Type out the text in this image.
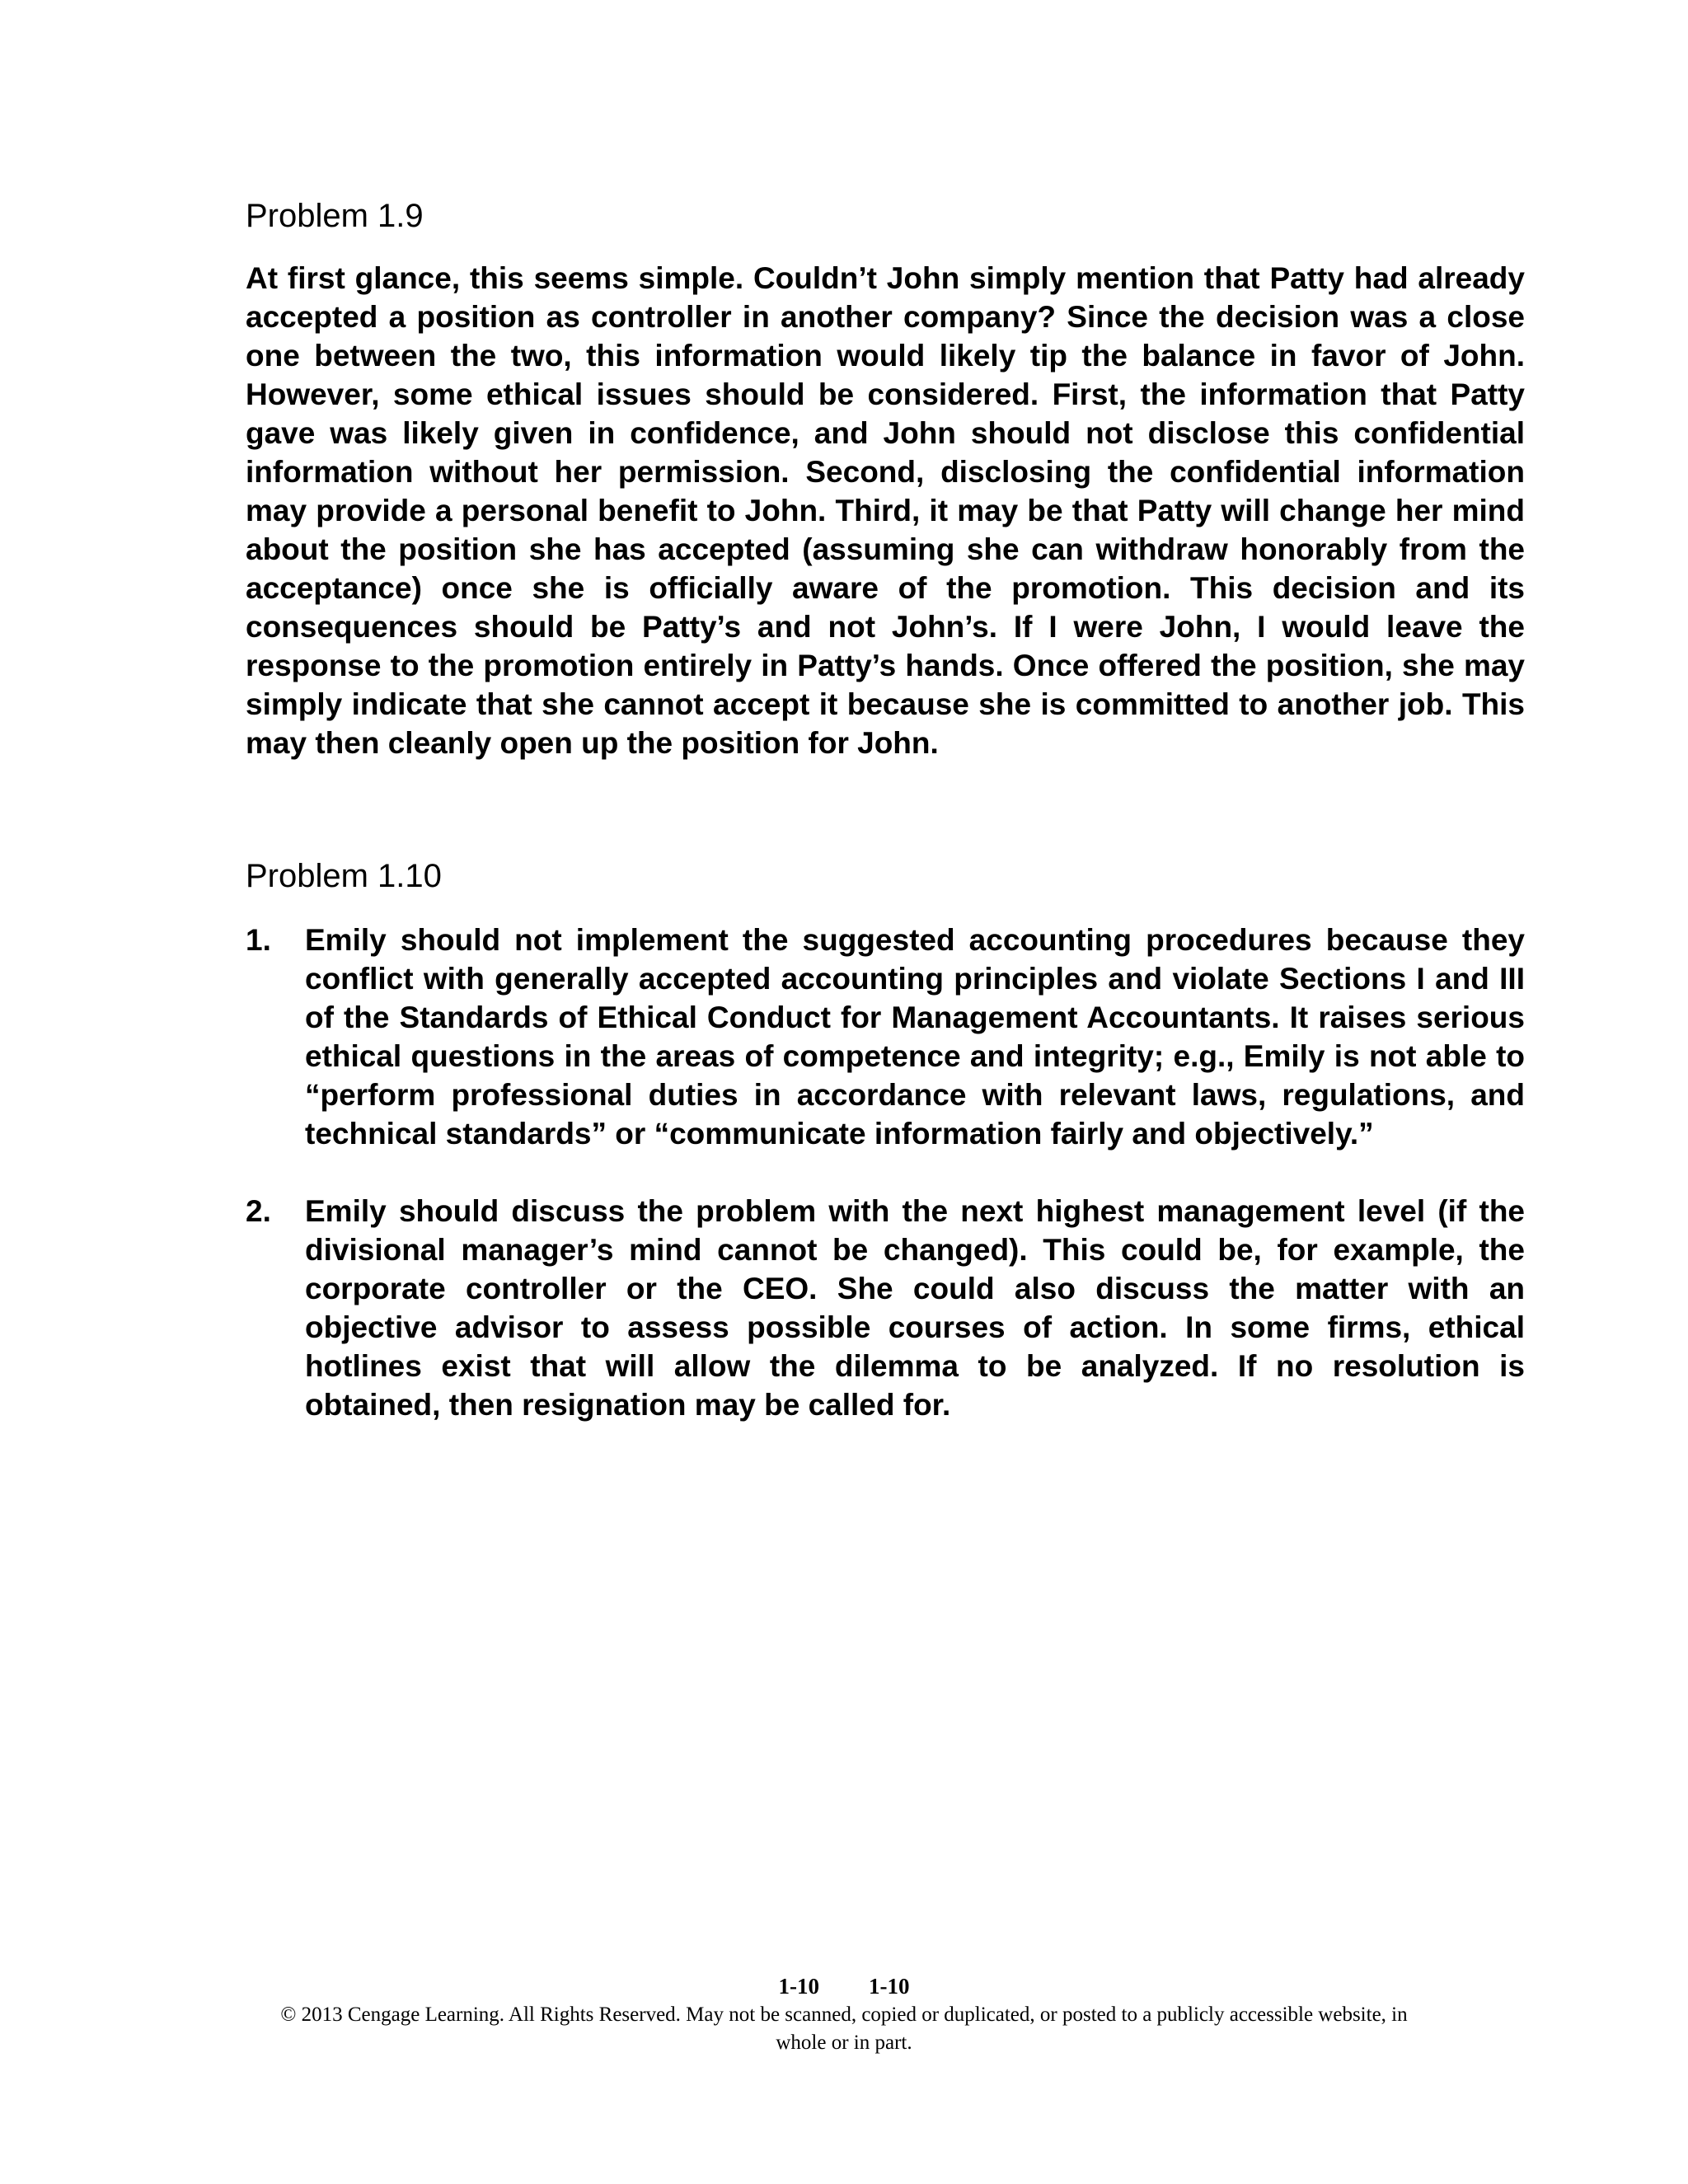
Problem 1.9

At first glance, this seems simple. Couldn’t John simply mention that Patty had already accepted a position as controller in another company? Since the decision was a close one between the two, this information would likely tip the balance in favor of John. However, some ethical issues should be considered. First, the information that Patty gave was likely given in confidence, and John should not disclose this confidential information without her permission. Second, disclosing the confidential information may provide a personal benefit to John. Third, it may be that Patty will change her mind about the position she has accepted (assuming she can withdraw honorably from the acceptance) once she is officially aware of the promotion. This decision and its consequences should be Patty’s and not John’s. If I were John, I would leave the response to the promotion entirely in Patty’s hands. Once offered the position, she may simply indicate that she cannot accept it because she is committed to another job. This may then cleanly open up the position for John.

Problem 1.10
1.	Emily should not implement the suggested accounting procedures because they conflict with generally accepted accounting principles and violate Sections I and III of the Standards of Ethical Conduct for Management Accountants. It raises serious ethical questions in the areas of competence and integrity; e.g., Emily is not able to “perform professional duties in accordance with relevant laws, regulations, and technical standards” or “communicate information fairly and objectively.”

2.	Emily should discuss the problem with the next highest management level (if the divisional manager’s mind cannot be changed). This could be, for example, the corporate controller or the CEO. She could also discuss the matter with an objective advisor to assess possible courses of action. In some firms, ethical hotlines exist that will allow the dilemma to be analyzed. If no resolution is obtained, then resignation may be called for.

1-10 1-10
© 2013 Cengage Learning. All Rights Reserved. May not be scanned, copied or duplicated, or posted to a publicly accessible website, in whole or in part.
